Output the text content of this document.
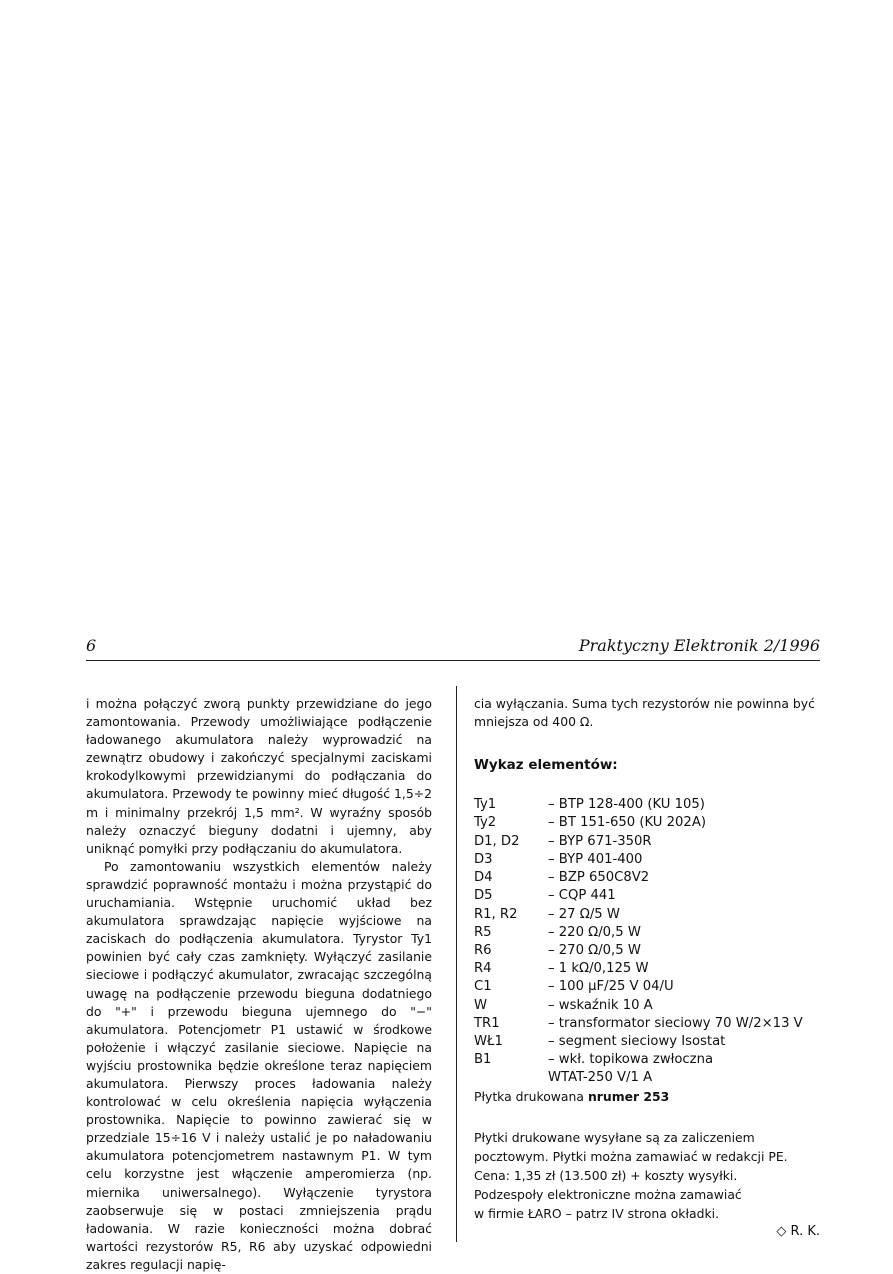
6	Praktyczny Elektronik 2/1996

i można połączyć zworą punkty przewidziane do jego zamontowania. Przewody umożliwiające podłączenie ładowanego akumulatora należy wyprowadzić na zewnątrz obudowy i zakończyć specjalnymi zaciskami krokodylkowymi przewidzianymi do podłączania do akumulatora. Przewody te powinny mieć długość 1,5÷2 m i minimalny przekrój 1,5 mm². W wyraźny sposób należy oznaczyć bieguny dodatni i ujemny, aby uniknąć pomyłki przy podłączaniu do akumulatora.

Po zamontowaniu wszystkich elementów należy sprawdzić poprawność montażu i można przystąpić do uruchamiania. Wstępnie uruchomić układ bez akumulatora sprawdzając napięcie wyjściowe na zaciskach do podłączenia akumulatora. Tyrystor Ty1 powinien być cały czas zamknięty. Wyłączyć zasilanie sieciowe i podłączyć akumulator, zwracając szczególną uwagę na podłączenie przewodu bieguna dodatniego do "+" i przewodu bieguna ujemnego do "−" akumulatora. Potencjometr P1 ustawić w środkowe położenie i włączyć zasilanie sieciowe. Napięcie na wyjściu prostownika będzie określone teraz napięciem akumulatora. Pierwszy proces ładowania należy kontrolować w celu określenia napięcia wyłączenia prostownika. Napięcie to powinno zawierać się w przedziale 15÷16 V i należy ustalić je po naładowaniu akumulatora potencjometrem nastawnym P1. W tym celu korzystne jest włączenie amperomierza (np. miernika uniwersalnego). Wyłączenie tyrystora zaobserwuje się w postaci zmniejszenia prądu ładowania. W razie konieczności można dobrać wartości rezystorów R5, R6 aby uzyskać odpowiedni zakres regulacji napię-

cia wyłączania. Suma tych rezystorów nie powinna być mniejsza od 400 Ω.

Wykaz elementów:

Ty1	– BTP 128-400 (KU 105)
Ty2	– BT 151-650 (KU 202A)
D1, D2	– BYP 671-350R
D3	– BYP 401-400
D4	– BZP 650C8V2
D5	– CQP 441
R1, R2	– 27 Ω/5 W
R5	– 220 Ω/0,5 W
R6	– 270 Ω/0,5 W
R4	– 1 kΩ/0,125 W
C1	– 100 μF/25 V 04/U
W	– wskaźnik 10 A
TR1	– transformator sieciowy 70 W/2×13 V
WŁ1	– segment sieciowy Isostat
B1	– wkł. topikowa zwłoczna
WTAT-250 V/1 A

Płytka drukowana nrumer 253

Płytki drukowane wysyłane są za zaliczeniem
pocztowym. Płytki można zamawiać w redakcji PE.
Cena: 1,35 zł (13.500 zł) + koszty wysyłki.
Podzespoły elektroniczne można zamawiać
w firmie ŁARO – patrz IV strona okładki.
◇ R. K.
